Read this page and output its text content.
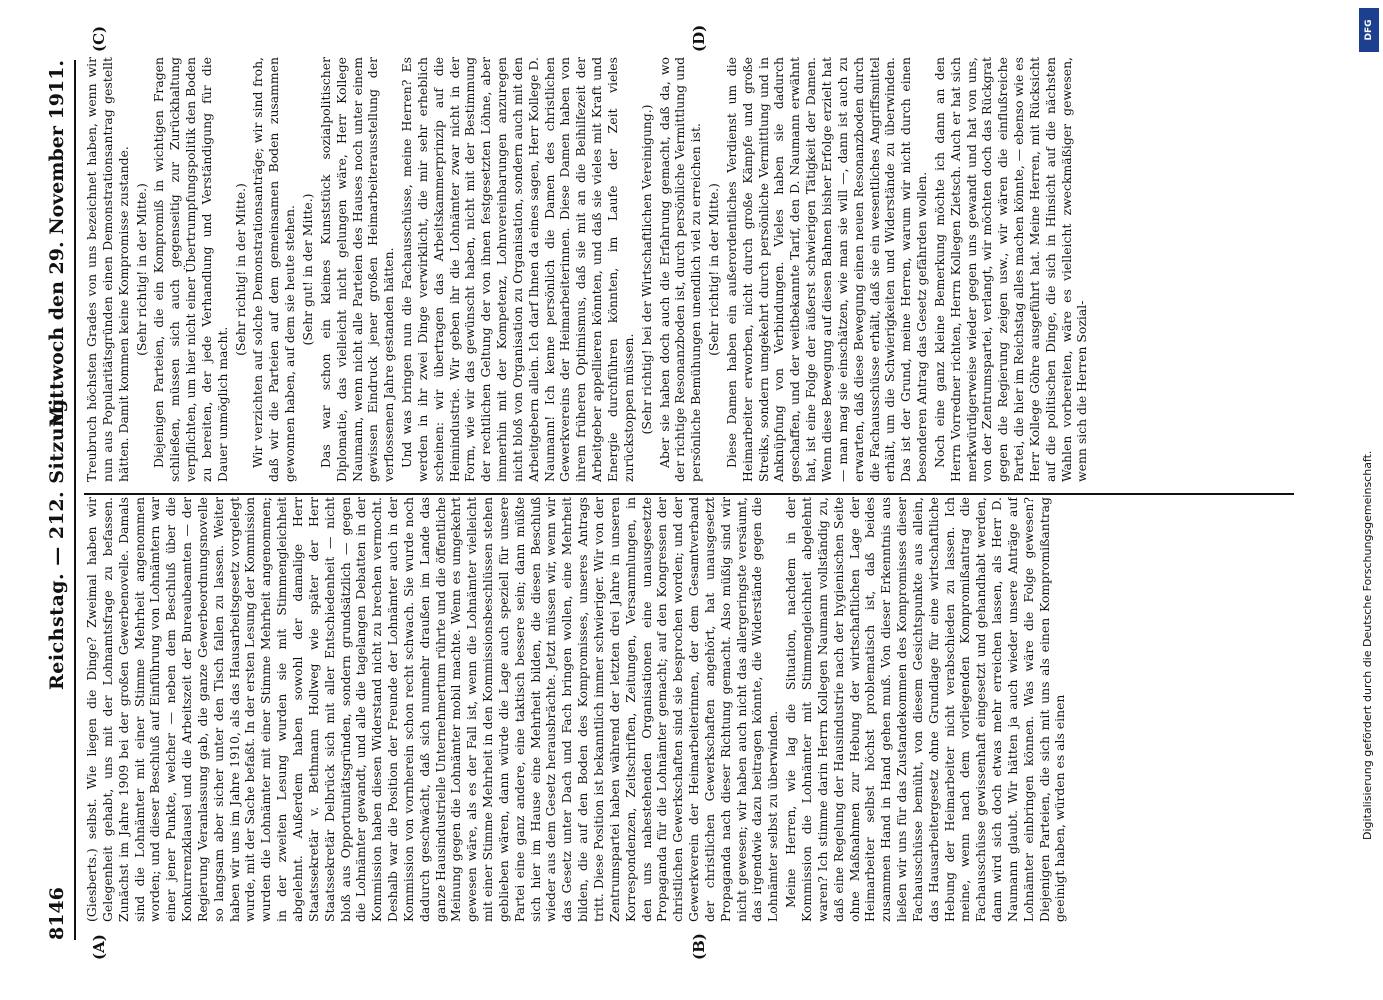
8146
Reichstag. — 212. Sitzung.
Mittwoch den 29. November 1911.
(A)	(B)
(C)	(D)

(Giesberts.) selbst. Wie liegen die Dinge? Zweimal haben wir Gelegenheit gehabt, uns mit der Lohnamtsfrage zu befassen. Zunächst im Jahre 1909 bei der großen Gewerbenovelle. Damals sind die Lohnämter mit einer Stimme Mehrheit angenommen worden; und dieser Beschluß auf Einführung von Lohnämtern war einer jener Punkte, welcher — neben dem Beschluß über die Konkurrenzklausel und die Arbeitszeit der Bureaubeamten — der Regierung Veranlassung gab, die ganze Gewerbeordnungsnovelle so langsam aber sicher unter den Tisch fallen zu lassen. Weiter haben wir uns im Jahre 1910, als das Hausarbeitsgesetz vorgelegt wurde, mit der Sache befaßt. In der ersten Lesung der Kommission wurden die Lohnämter mit einer Stimme Mehrheit angenommen; in der zweiten Lesung wurden sie mit Stimmengleichheit abgelehnt. Außerdem haben sowohl der damalige Herr Staatssekretär v. Bethmann Hollweg wie später der Herr Staatssekretär Delbrück sich mit aller Entschiedenheit — nicht bloß aus Opportunitätsgründen, sondern grundsätzlich — gegen die Lohnämter gewandt, und alle die tagelangen Debatten in der Kommission haben diesen Widerstand nicht zu brechen vermocht. Deshalb war die Position der Freunde der Lohnämter auch in der Kommission von vornherein schon recht schwach. Sie wurde noch dadurch geschwächt, daß sich nunmehr draußen im Lande das ganze Hausindustrielle Unternehmertum rührte und die öffentliche Meinung gegen die Lohnämter mobil machte. Wenn es umgekehrt gewesen wäre, als es der Fall ist, wenn die Lohnämter vielleicht mit einer Stimme Mehrheit in den Kommissionsbeschlüssen stehen geblieben wären, dann würde die Lage auch speziell für unsere Partei eine ganz andere, eine taktisch bessere sein; dann müßte sich hier im Hause eine Mehrheit bilden, die diesen Beschluß wieder aus dem Gesetz herausbrächte. Jetzt müssen wir, wenn wir das Gesetz unter Dach und Fach bringen wollen, eine Mehrheit bilden, die auf den Boden des Kompromisses, unseres Antrags tritt. Diese Position ist bekanntlich immer schwieriger. Wir von der Zentrumspartei haben während der letzten drei Jahre in unseren Korrespondenzen, Zeitschriften, Zeitungen, Versammlungen, in den uns nahestehenden Organisationen eine unausgesetzte Propaganda für die Lohnämter gemacht; auf den Kongressen der christlichen Gewerkschaften sind sie besprochen worden; und der Gewerkverein der Heimarbeiterinnen, der dem Gesamtverband der christlichen Gewerkschaften angehört, hat unausgesetzt Propaganda nach dieser Richtung gemacht. Also müßig sind wir nicht gewesen; wir haben auch nicht das allergeringste versäumt, das irgendwie dazu beitragen könnte, die Widerstände gegen die Lohnämter selbst zu überwinden. Meine Herren, wie lag die Situation, nachdem in der Kommission die Lohnämter mit Stimmengleichheit abgelehnt waren? Ich stimme darin Herrn Kollegen Naumann vollständig zu, daß eine Regelung der Hausindustrie nach der hygienischen Seite ohne Maßnahmen zur Hebung der wirtschaftlichen Lage der Heimarbeiter selbst höchst problematisch ist, daß beides zusammen Hand in Hand gehen muß. Von dieser Erkenntnis aus ließen wir uns für das Zustandekommen des Kompromisses dieser Fachausschüsse bemüht, von diesem Gesichtspunkte aus allein, das Hausarbeitergesetz ohne Grundlage für eine wirtschaftliche Hebung der Heimarbeiter nicht verabschieden zu lassen. Ich meine, wenn nach dem vorliegenden Kompromißantrag die Fachausschüsse gewissenhaft eingesetzt und gehandhabt werden, dann wird sich doch etwas mehr erreichen lassen, als Herr D. Naumann glaubt. Wir hätten ja auch wieder unsere Anträge auf Lohnämter einbringen können. Was wäre die Folge gewesen? Diejenigen Parteien, die sich mit uns als einen Kompromißantrag geeinigt haben, würden es als einen

Treubruch höchsten Grades von uns bezeichnet haben, wenn wir nun aus Popularitätsgründen einen Demonstrationsantrag gestellt hätten. Damit kommen keine Kompromisse zustande. (Sehr richtig! in der Mitte.) Diejenigen Parteien, die ein Kompromiß in wichtigen Fragen schließen, müssen sich auch gegenseitig zur Zurückhaltung verpflichten, um hier nicht einer Übertrumpfungspolitik den Boden zu bereiten, der jede Verhandlung und Verständigung für die Dauer unmöglich macht.

(Sehr richtig! in der Mitte.) Wir verzichten auf solche Demonstrationsanträge; wir sind froh, daß wir die Parteien auf dem gemeinsamen Boden zusammen gewonnen haben, auf dem sie heute stehen. (Sehr gut! in der Mitte.) Das war schon ein kleines Kunststück sozialpolitischer Diplomatie, das vielleicht nicht gelungen wäre, Herr Kollege Naumann, wenn nicht alle Parteien des Hauses noch unter einem gewissen Eindruck jener großen Heimarbeiterausstellung der verflossenen Jahre gestanden hätten. Und was bringen nun die Fachausschüsse, meine Herren? Es werden in ihr zwei Dinge verwirklicht, die mir sehr erheblich scheinen: wir übertragen das Arbeitskammerprinzip auf die Heimindustrie. Wir geben ihr die Lohnämter zwar nicht in der Form, wie wir das gewünscht haben, nicht mit der Bestimmung der rechtlichen Geltung der von ihnen festgesetzten Löhne, aber immerhin mit der Kompetenz, Lohnvereinbarungen anzuregen nicht bloß von Organisation zu Organisation, sondern auch mit den Arbeitgebern allein. Ich darf Ihnen da eines sagen, Herr Kollege D. Naumann! Ich kenne persönlich die Damen des christlichen Gewerkvereins der Heimarbeiterinnen. Diese Damen haben von ihrem früheren Optimismus, daß sie mit an die Beihilfezeit der Arbeitgeber appellieren könnten, und daß sie vieles mit Kraft und Energie durchführen könnten, im Laufe der Zeit vieles zurückstoppen müssen. (Sehr richtig! bei der Wirtschaftlichen Vereinigung.) Aber sie haben doch auch die Erfahrung gemacht, daß da, wo der richtige Resonanzboden ist, durch persönliche Vermittlung und persönliche Bemühungen unendlich viel zu erreichen ist. (Sehr richtig! in der Mitte.) Diese Damen haben ein außerordentliches Verdienst um die Heimarbeiter erworben, nicht durch große Kämpfe und große Streiks, sondern umgekehrt durch persönliche Vermittlung und in Anknüpfung von Verbindungen. Vieles haben sie dadurch geschaffen, und der weitbekannte Tarif, den D. Naumann erwähnt hat, ist eine Folge der äußerst schwierigen Tätigkeit der Damen. Wenn diese Bewegung auf diesen Bahnen bisher Erfolge erzielt hat — man mag sie einschätzen, wie man sie will —, dann ist auch zu erwarten, daß diese Bewegung einen neuen Resonanzboden durch die Fachausschüsse erhält, daß sie ein wesentliches Angriffsmittel erhält, um die Schwierigkeiten und Widerstände zu überwinden. Das ist der Grund, meine Herren, warum wir nicht durch einen besonderen Antrag das Gesetz gefährden wollen. Noch eine ganz kleine Bemerkung möchte ich dann an den Herrn Vorredner richten, Herrn Kollegen Zietsch. Auch er hat sich merkwürdigerweise wieder gegen uns gewandt und hat von uns, von der Zentrumspartei, verlangt, wir möchten doch das Rückgrat gegen die Regierung zeigen usw., wir wären die einflußreiche Partei, die hier im Reichstag alles machen könnte, — ebenso wie es Herr Kollege Göhre ausgeführt hat. Meine Herren, mit Rücksicht auf die politischen Dinge, die sich in Hinsicht auf die nächsten Wahlen vorbereiten, wäre es vielleicht zweckmäßiger gewesen, wenn sich die Herren Sozial-

DFG
Digitalisierung gefördert durch die Deutsche Forschungsgemeinschaft.
